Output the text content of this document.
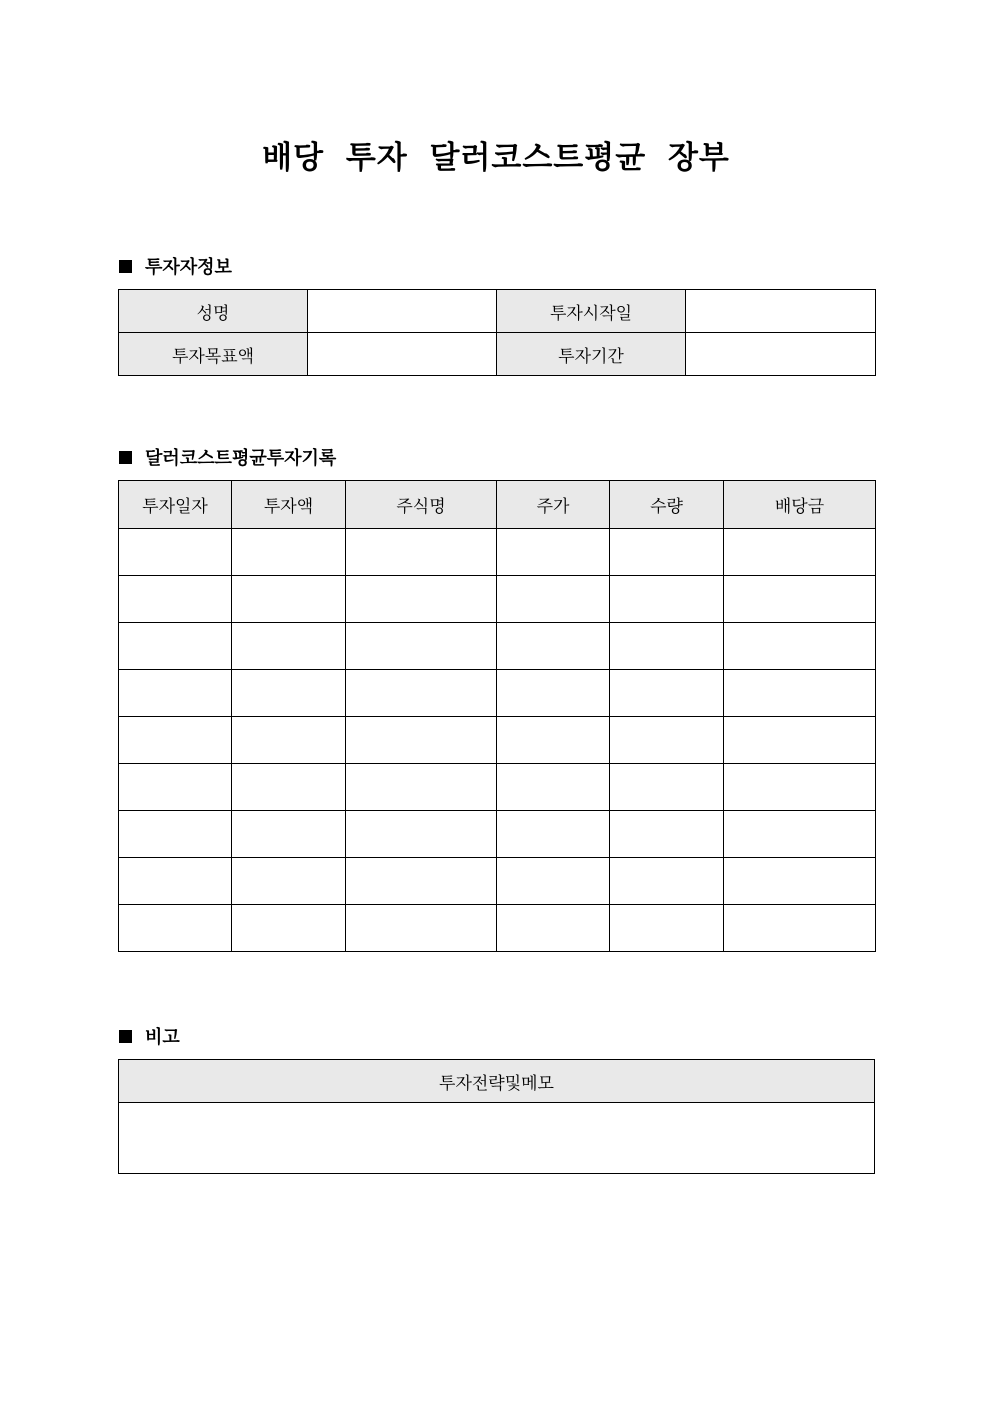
배당 투자 달러코스트평균 장부
투자자정보
성명		투자시작일	
투자목표액		투자기간	
달러코스트평균투자기록
투자일자	투자액	주식명	주가	수량	배당금

비고
투자전략및메모
